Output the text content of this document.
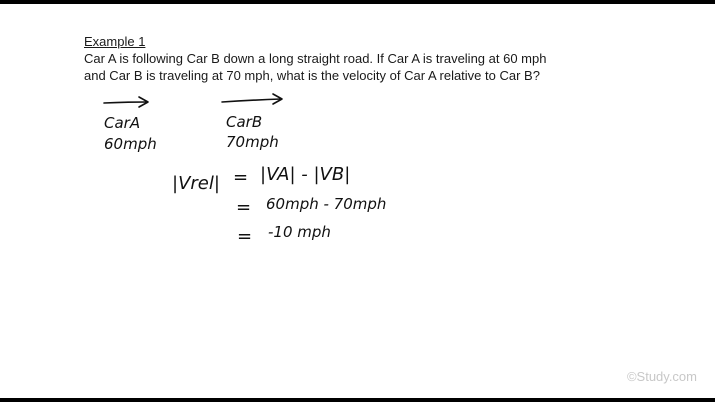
Example 1
Car A is following Car B down a long straight road. If Car A is traveling at 60 mph
and Car B is traveling at 70 mph, what is the velocity of Car A relative to Car B?
CarA
60mph
CarB
70mph
|Vrel| = |VA| - |VB|
= 60mph - 70mph
= -10 mph
©Study.com
